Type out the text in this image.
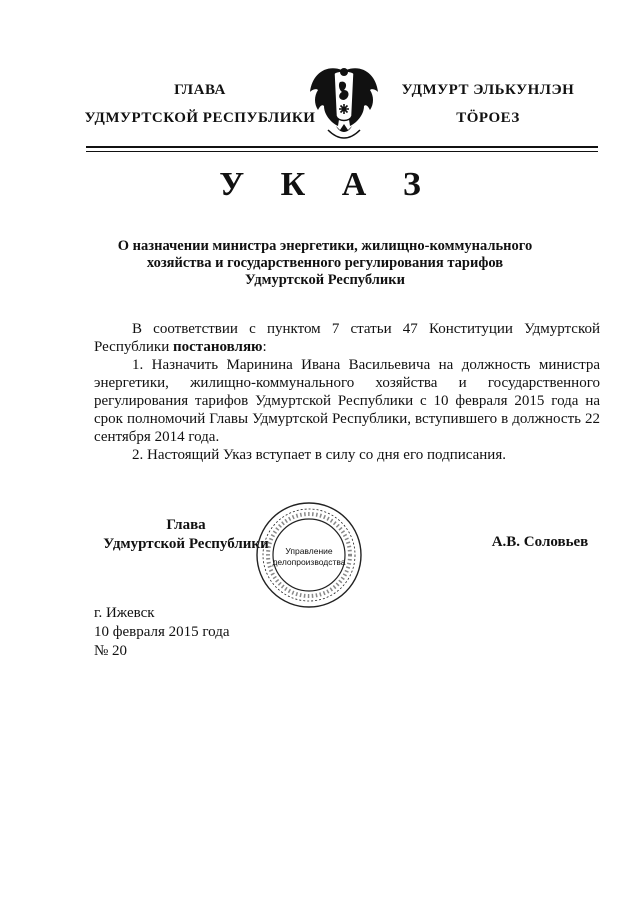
ГЛАВА
УДМУРТСКОЙ РЕСПУБЛИКИ
УДМУРТ ЭЛЬКУНЛЭН
ТÖРОЕЗ
У К А З
О назначении министра энергетики, жилищно-коммунального
хозяйства и государственного регулирования тарифов
Удмуртской Республики

В соответствии с пунктом 7 статьи 47 Конституции Удмуртской Республики постановляю:

1. Назначить Маринина Ивана Васильевича на должность министра энергетики, жилищно-коммунального хозяйства и государственного регулирования тарифов Удмуртской Республики с 10 февраля 2015 года на срок полномочий Главы Удмуртской Республики, вступившего в должность 22 сентября 2014 года.

2. Настоящий Указ вступает в силу со дня его подписания.

Глава
Удмуртской Республики	Управление
делопроизводства
А.В. Соловьев
г. Ижевск
10 февраля 2015 года
№ 20
